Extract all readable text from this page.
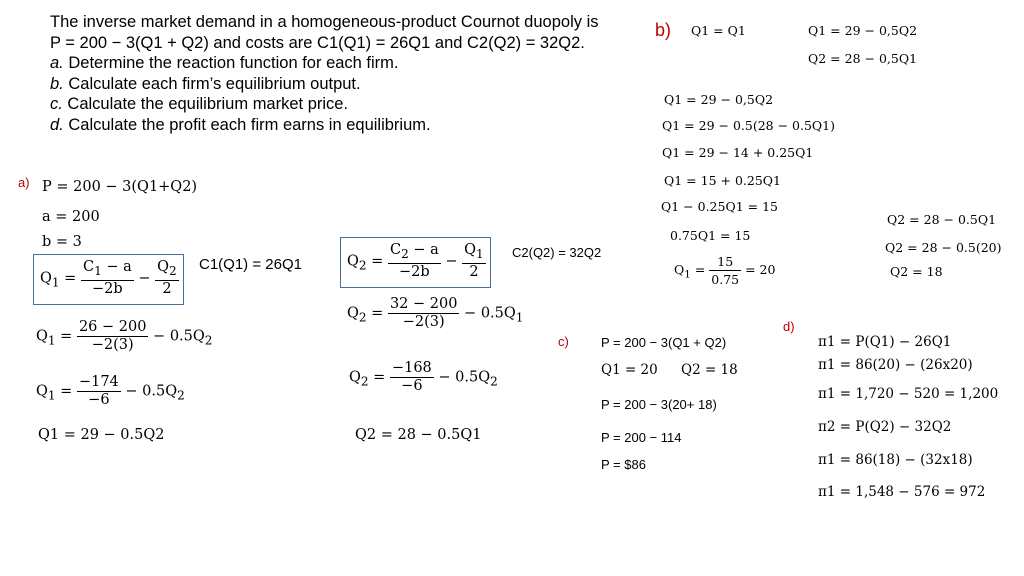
The inverse market demand in a homogeneous-product Cournot duopoly is
P = 200 − 3(Q1 + Q2) and costs are C1(Q1) = 26Q1 and C2(Q2) = 32Q2.
a. Determine the reaction function for each firm.
b. Calculate each firm’s equilibrium output.
c. Calculate the equilibrium market price.
d. Calculate the profit each firm earns in equilibrium.
a)
b)
c)
d)
P = 200 − 3(Q1+Q2)
a = 200
b = 3
$Q_1 = \frac{C_1 - a}{-2b} - \frac{Q_2}{2} C1(Q1) = 26Q1$
$Q_1 = \frac{26 - 200}{-2(3)} - 0.5Q_2$
$Q_1 = \frac{-174}{-6} - 0.5Q_2$
Q1 = 29 − 0.5Q2
$Q_2 = \frac{C_2 - a}{-2b} - \frac{Q_1}{2} C2(Q2) = 32Q2$
$Q_2 = \frac{32 - 200}{-2(3)} - 0.5Q_1$
$Q_2 = \frac{-168}{-6} - 0.5Q_2$
Q2 = 28 − 0.5Q1
Q1 = Q1	Q1 = 29 − 0,5Q2
Q2 = 28 − 0,5Q1
Q1 = 29 − 0,5Q2
Q1 = 29 − 0.5(28 − 0.5Q1)
Q1 = 29 − 14 + 0.25Q1
Q1 = 15 + 0.25Q1
Q1 − 0.25Q1 = 15
0.75Q1 = 15
$Q_1 = \frac{15}{0.75} = 20$
Q2 = 28 − 0.5Q1
Q2 = 28 − 0.5(20)
Q2 = 18
P = 200 − 3(Q1 + Q2)
Q1 = 20 Q2 = 18
P = 200 − 3(20+ 18)
P = 200 − 114
P = $86
π1 = P(Q1) − 26Q1
π1 = 86(20) − (26x20)
π1 = 1,720 − 520 = 1,200
π2 = P(Q2) − 32Q2
π1 = 86(18) − (32x18)
π1 = 1,548 − 576 = 972
